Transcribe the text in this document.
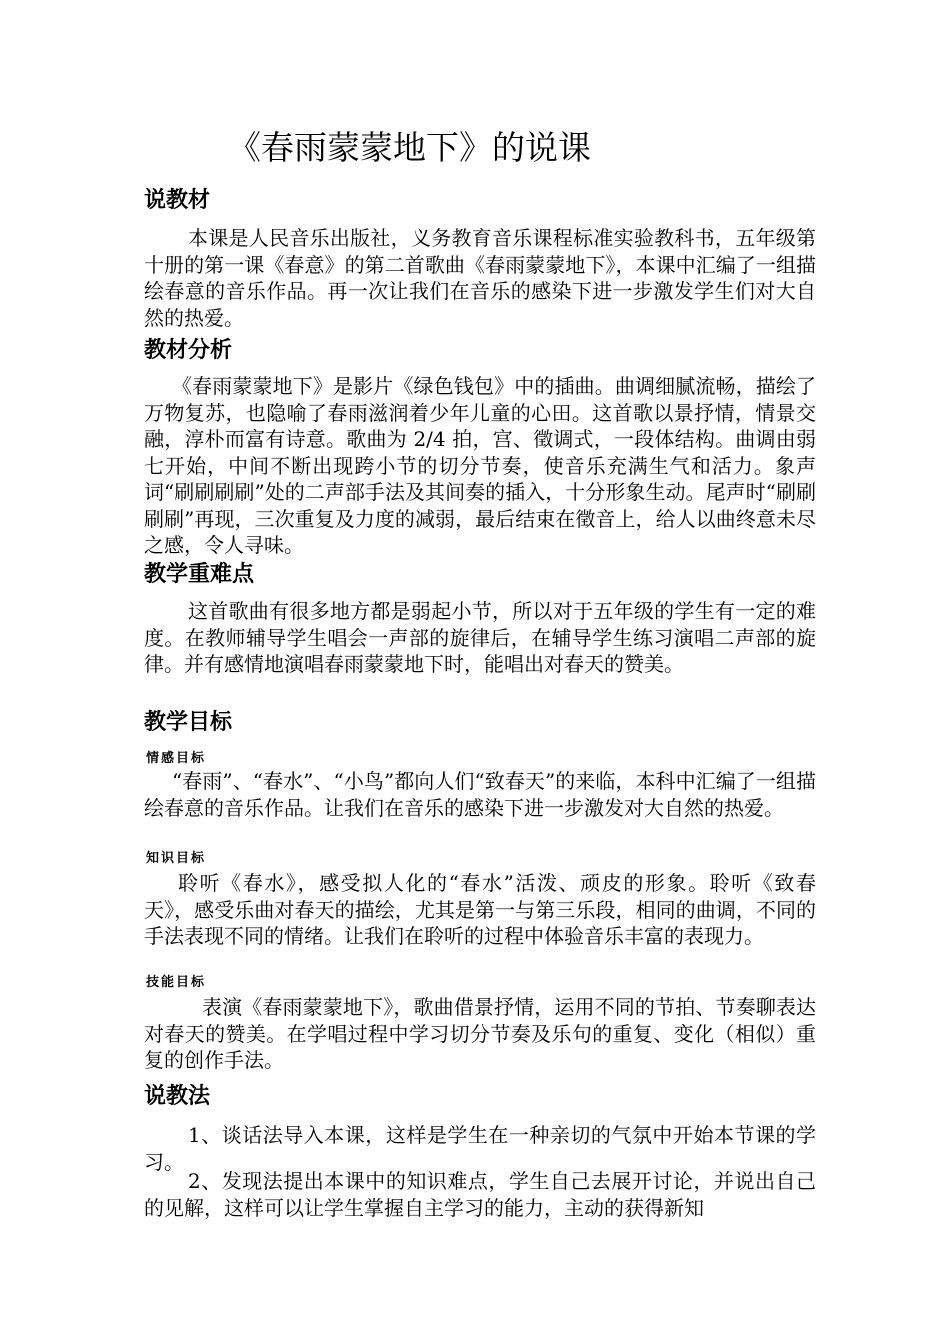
《春雨蒙蒙地下》的说课
说教材
本课是人民音乐出版社，义务教育音乐课程标准实验教科书，五年级第十册的第一课《春意》的第二首歌曲《春雨蒙蒙地下》，本课中汇编了一组描绘春意的音乐作品。再一次让我们在音乐的感染下进一步激发学生们对大自然的热爱。
教材分析
《春雨蒙蒙地下》是影片《绿色钱包》中的插曲。曲调细腻流畅，描绘了万物复苏，也隐喻了春雨滋润着少年儿童的心田。这首歌以景抒情，情景交融，淳朴而富有诗意。歌曲为 2/4 拍，宫、徵调式，一段体结构。曲调由弱七开始，中间不断出现跨小节的切分节奏，使音乐充满生气和活力。象声词“刷刷刷刷”处的二声部手法及其间奏的插入，十分形象生动。尾声时“刷刷刷刷”再现，三次重复及力度的减弱，最后结束在徵音上，给人以曲终意未尽之感，令人寻味。
教学重难点
这首歌曲有很多地方都是弱起小节，所以对于五年级的学生有一定的难度。在教师辅导学生唱会一声部的旋律后，在辅导学生练习演唱二声部的旋律。并有感情地演唱春雨蒙蒙地下时，能唱出对春天的赞美。
教学目标
情感目标
“春雨”、“春水”、“小鸟”都向人们“致春天”的来临，本科中汇编了一组描绘春意的音乐作品。让我们在音乐的感染下进一步激发对大自然的热爱。
知识目标
聆听《春水》，感受拟人化的“春水”活泼、顽皮的形象。聆听《致春天》，感受乐曲对春天的描绘，尤其是第一与第三乐段，相同的曲调，不同的手法表现不同的情绪。让我们在聆听的过程中体验音乐丰富的表现力。
技能目标
表演《春雨蒙蒙地下》，歌曲借景抒情，运用不同的节拍、节奏聊表达对春天的赞美。在学唱过程中学习切分节奏及乐句的重复、变化（相似）重复的创作手法。
说教法
1、谈话法导入本课，这样是学生在一种亲切的气氛中开始本节课的学习。
2、发现法提出本课中的知识难点，学生自己去展开讨论，并说出自己的见解，这样可以让学生掌握自主学习的能力，主动的获得新知
